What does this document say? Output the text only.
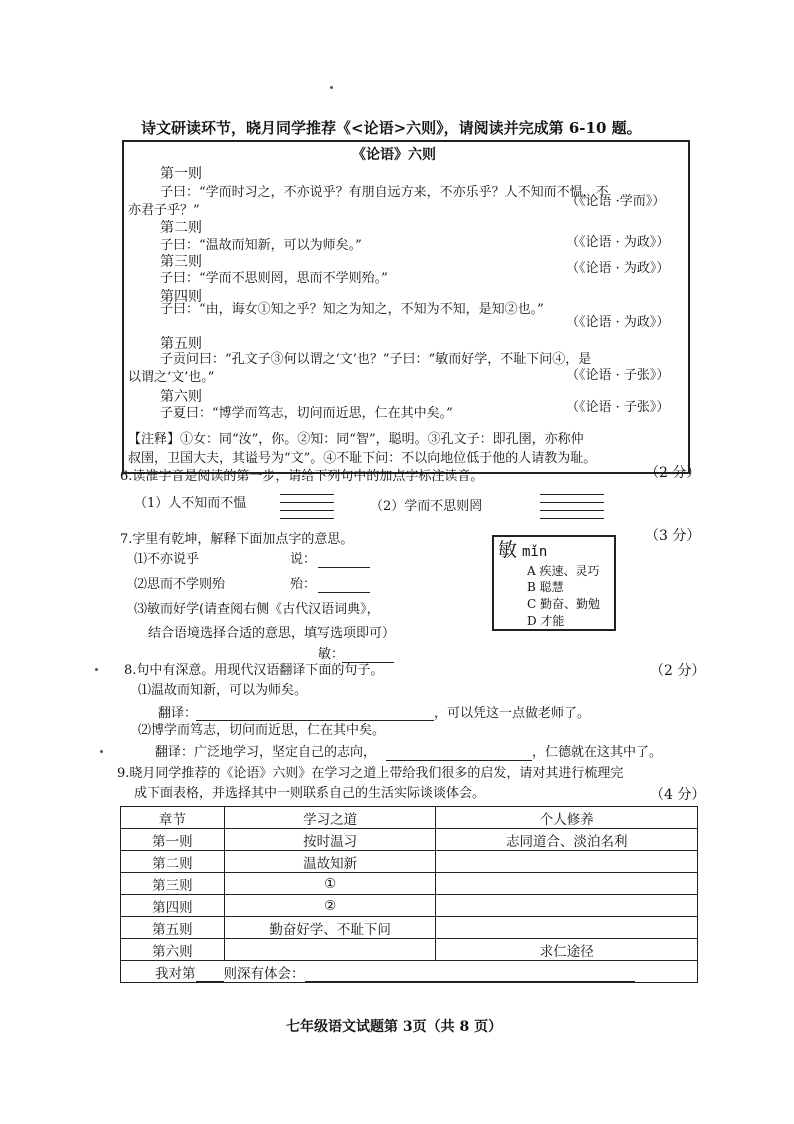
诗文研读环节，晓月同学推荐《<论语>六则》，请阅读并完成第 6-10 题。
《论语》六则
第一则
子曰：“学而时习之，不亦说乎？有朋自远方来，不亦乐乎？人不知而不愠，不
（《论语 ·学而》）
亦君子乎？”
第二则
子曰：“温故而知新，可以为师矣。”	（《论语 · 为政》）
第三则
子曰：“学而不思则罔，思而不学则殆。”
（《论语 · 为政》）
第四则
子曰：“由，诲女①知之乎？知之为知之，不知为不知，是知②也。”
（《论语 · 为政》）
第五则
子贡问曰：“孔文子③何以谓之‘文’也？”子曰：“敏而好学，不耻下问④，是
以谓之‘文’也。”	（《论语 · 子张》）
第六则
子夏曰：“博学而笃志，切问而近思，仁在其中矣。”	（《论语 · 子张》）
【注释】①女：同“汝”，你。②知：同“智”，聪明。③孔文子：即孔圉，亦称仲
叔圉，卫国大夫，其谥号为“文”。④不耻下问：不以向地位低于他的人请教为耻。
6.读准字音是阅读的第一步，请给下列句中的加点字标注读音。	（2 分）
（1）人不知而不愠	（2）学而不思则罔
7.字里有乾坤，解释下面加点字的意思。	（3 分）
⑴不亦说乎	说：
⑵思而不学则殆	殆：
⑶敏而好学(请查阅右侧《古代汉语词典》，
结合语境选择合适的意思，填写选项即可）
敏：
敏 mǐn
A 疾速、灵巧
B 聪慧
C 勤奋、勤勉
D 才能
8.句中有深意。用现代汉语翻译下面的句子。	（2 分）
⑴温故而知新，可以为师矣。
翻译：	，可以凭这一点做老师了。
⑵博学而笃志，切问而近思，仁在其中矣。
翻译：广泛地学习，坚定自己的志向，	，仁德就在这其中了。
9.晓月同学推荐的《论语》六则》在学习之道上带给我们很多的启发，请对其进行梳理完
成下面表格，并选择其中一则联系自己的生活实际谈谈体会。	（4 分）
章节	学习之道	个人修养
第一则	按时温习	志同道合、淡泊名利
第二则	温故知新	
第三则	①	
第四则	②	
第五则	勤奋好学、不耻下问	
第六则		求仁途径
我对第 则深有体会：		
七年级语文试题第 3页（共 8 页）
